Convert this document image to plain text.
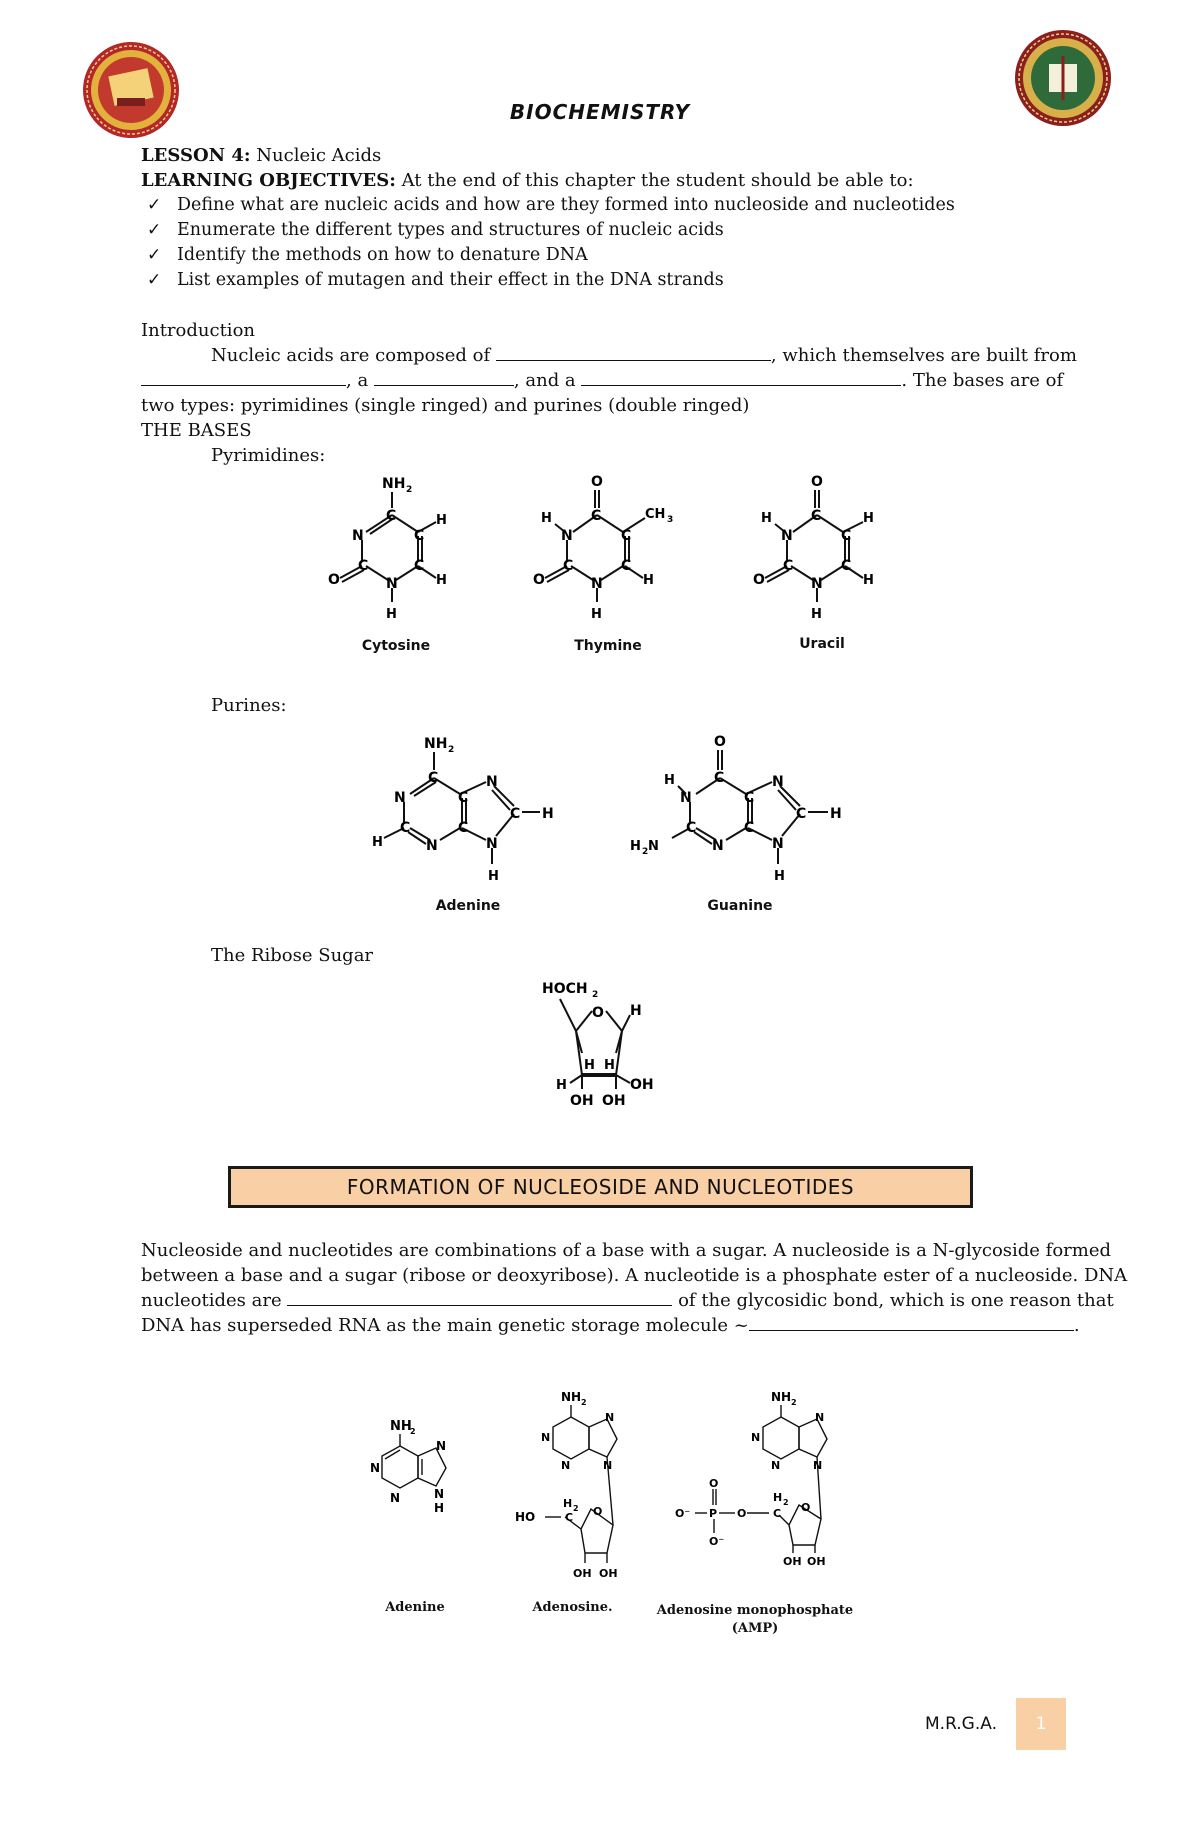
BIOCHEMISTRY
LESSON 4: Nucleic Acids
LEARNING OBJECTIVES: At the end of this chapter the student should be able to:
✓ Define what are nucleic acids and how are they formed into nucleoside and nucleotides
✓ Enumerate the different types and structures of nucleic acids
✓ Identify the methods on how to denature DNA
✓ List examples of mutagen and their effect in the DNA strands
Introduction
Nucleic acids are composed of	, which themselves are built from
, a	, and a	. The bases are of
two types: pyrimidines (single ringed) and purines (double ringed)
THE BASES
Pyrimidines:
NH 2
C
N	C
H
C	C
N	H
O
H
O
C
N
H
C
CH 3
C	C
N	H
O
H
O
C
N
H
C
H
C	C
N	H
O
H
Cytosine	Thymine	Uracil
Purines:
NH 2
C
N	C
N
C H
C	C
N	N
H
H
O
C
N
H
C
N
C H
C	C
N	N
H 2 N
H
Adenine	Guanine
The Ribose Sugar
HOCH 2
O H
H H
H	OH
OH OH
FORMATION OF NUCLEOSIDE AND NUCLEOTIDES
Nucleoside and nucleotides are combinations of a base with a sugar. A nucleoside is a N-glycoside formed
between a base and a sugar (ribose or deoxyribose). A nucleotide is a phosphate ester of a nucleoside. DNA
nucleotides are	of the glycosidic bond, which is one reason that
DNA has superseded RNA as the main genetic storage molecule ~	.
NH
2
N
N
N	N
H
NH 2
N
N
N	N
H 2
C
HO	O
OH OH
NH 2
N
N
N	N
O
O⁻ P O
O⁻
H 2
C O
OH OH
Adenine	Adenosine.	Adenosine monophosphate
(AMP)
M.R.G.A.	1
